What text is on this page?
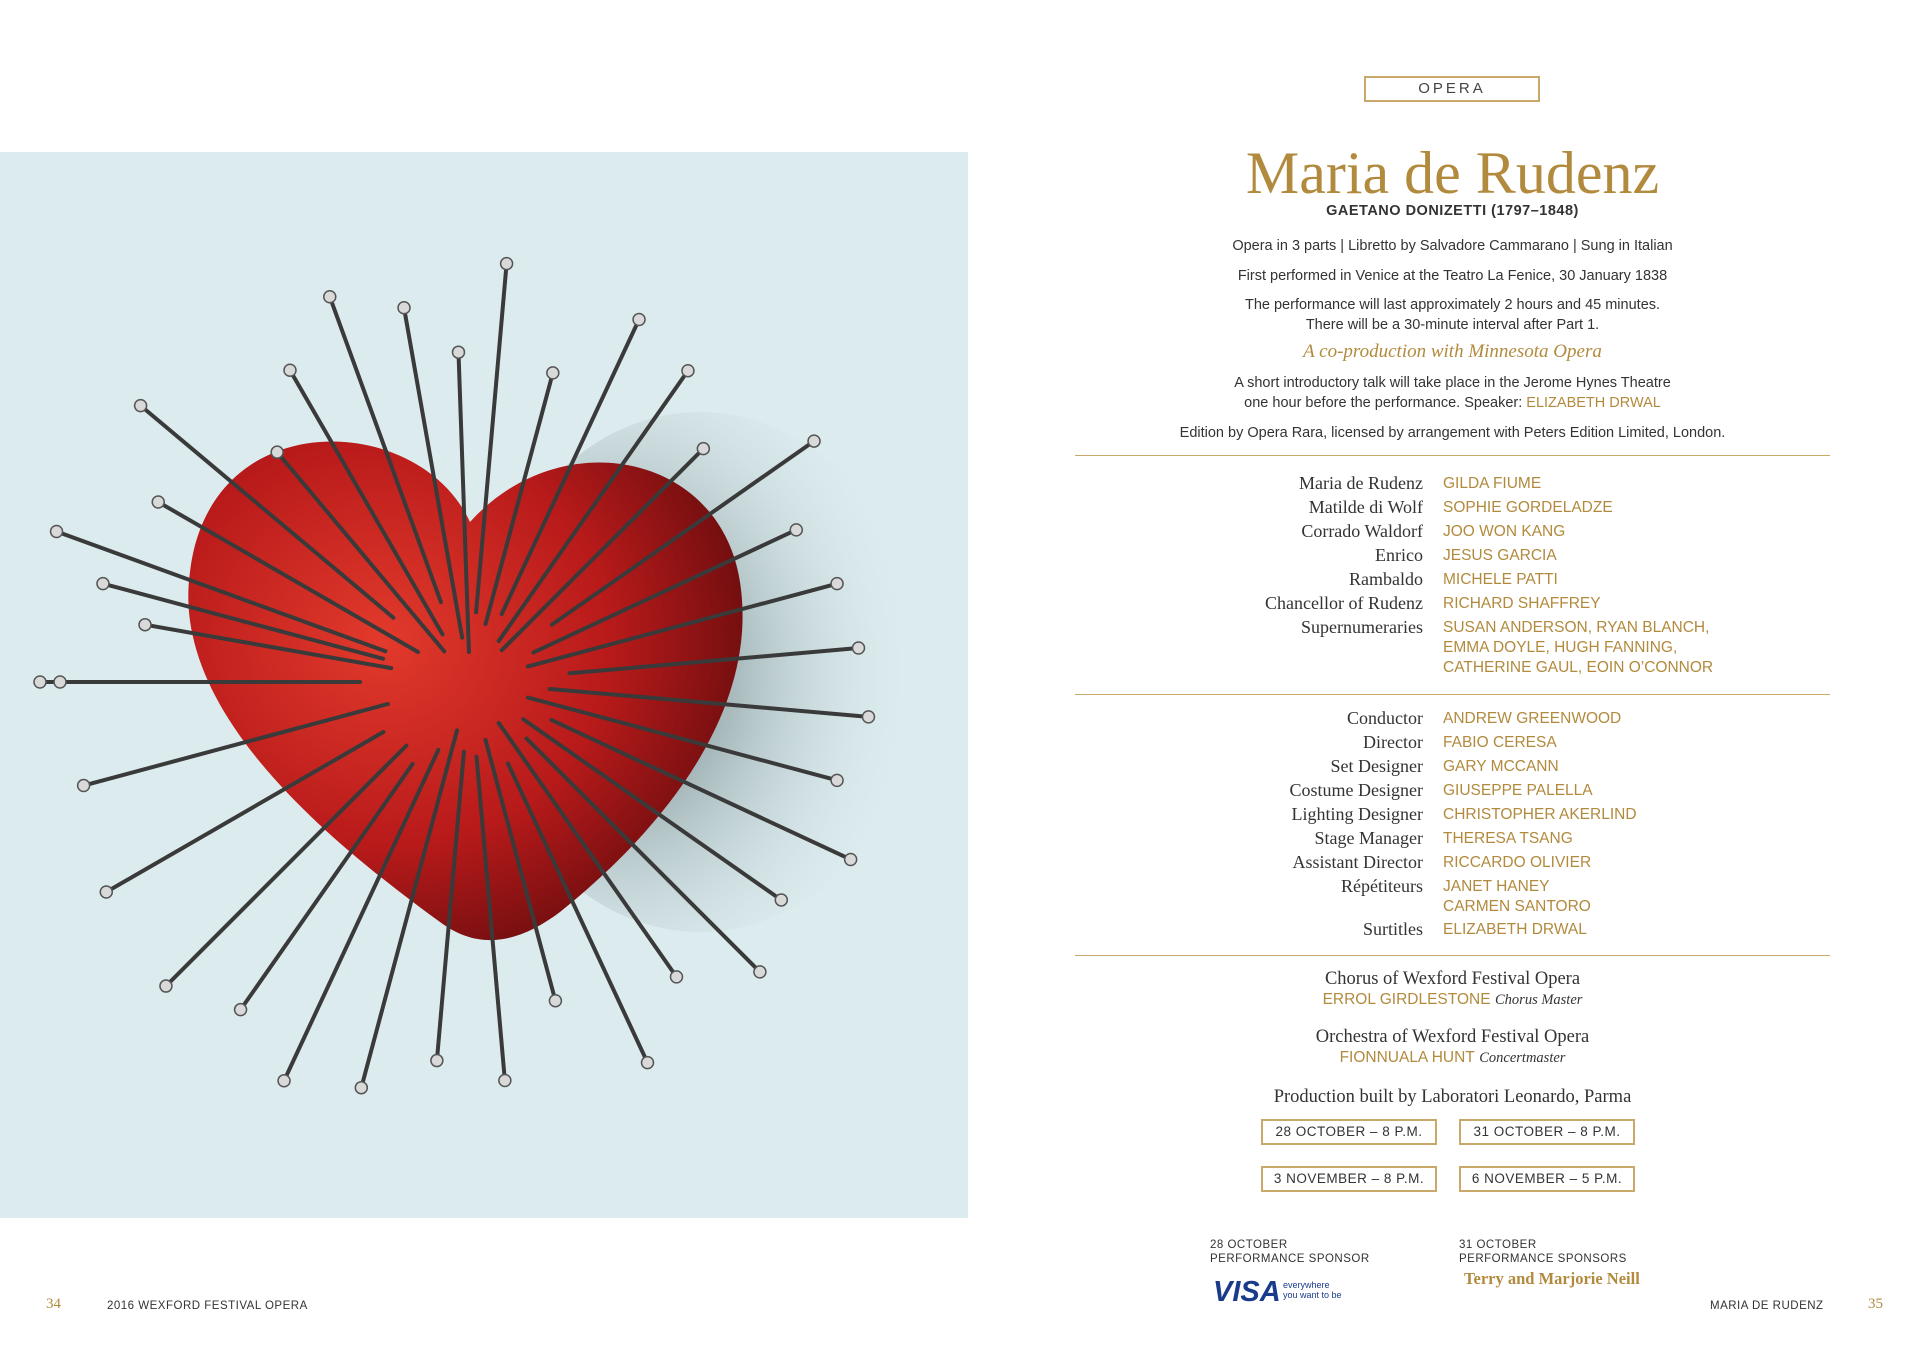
OPERA
Maria de Rudenz
GAETANO DONIZETTI (1797–1848)
Opera in 3 parts | Libretto by Salvadore Cammarano | Sung in Italian
First performed in Venice at the Teatro La Fenice, 30 January 1838
The performance will last approximately 2 hours and 45 minutes.
There will be a 30-minute interval after Part 1.
A co-production with Minnesota Opera
A short introductory talk will take place in the Jerome Hynes Theatre
one hour before the performance. Speaker: ELIZABETH DRWAL
Edition by Opera Rara, licensed by arrangement with Peters Edition Limited, London.
Maria de Rudenz	GILDA FIUME
Matilde di Wolf	SOPHIE GORDELADZE
Corrado Waldorf	JOO WON KANG
Enrico	JESUS GARCIA
Rambaldo	MICHELE PATTI
Chancellor of Rudenz	RICHARD SHAFFREY
Supernumeraries	SUSAN ANDERSON, RYAN BLANCH,
EMMA DOYLE, HUGH FANNING,
CATHERINE GAUL, EOIN O’CONNOR
Conductor	ANDREW GREENWOOD
Director	FABIO CERESA
Set Designer	GARY MCCANN
Costume Designer	GIUSEPPE PALELLA
Lighting Designer	CHRISTOPHER AKERLIND
Stage Manager	THERESA TSANG
Assistant Director	RICCARDO OLIVIER
Répétiteurs	JANET HANEY
CARMEN SANTORO
Surtitles	ELIZABETH DRWAL
Chorus of Wexford Festival Opera
ERROL GIRDLESTONE Chorus Master
Orchestra of Wexford Festival Opera
FIONNUALA HUNT Concertmaster
Production built by Laboratori Leonardo, Parma
28 OCTOBER – 8 P.M.	31 OCTOBER – 8 P.M.
3 NOVEMBER – 8 P.M.	6 NOVEMBER – 5 P.M.
28 OCTOBER
PERFORMANCE SPONSOR
VISA everywhere
you want to be
31 OCTOBER
PERFORMANCE SPONSORS
Terry and Marjorie Neill
34	2016 WEXFORD FESTIVAL OPERA	MARIA DE RUDENZ	35
